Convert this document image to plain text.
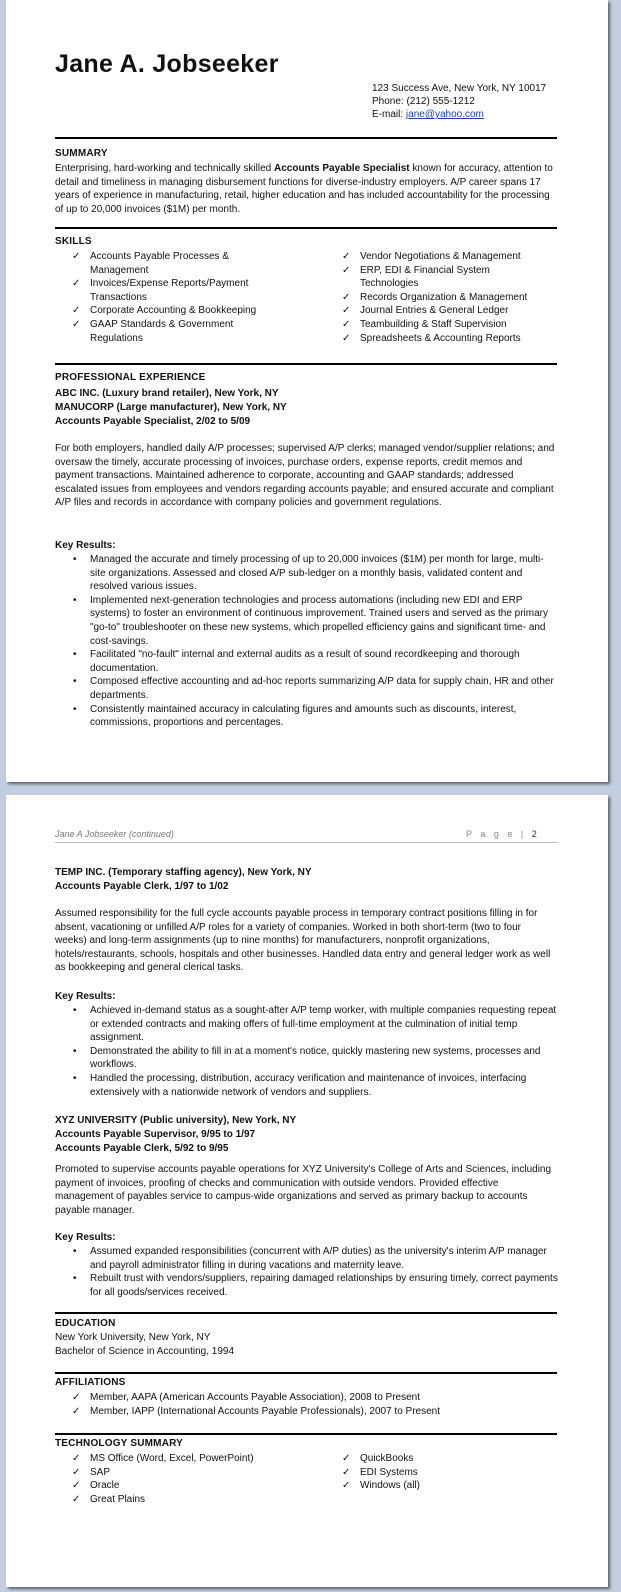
Jane A. Jobseeker
123 Success Ave, New York, NY 10017
Phone: (212) 555-1212
E-mail: jane@yahoo.com
SUMMARY
Enterprising, hard-working and technically skilled Accounts Payable Specialist known for accuracy, attention to detail and timeliness in managing disbursement functions for diverse-industry employers. A/P career spans 17 years of experience in manufacturing, retail, higher education and has included accountability for the processing of up to 20,000 invoices ($1M) per month.
SKILLS
✓ Accounts Payable Processes & Management
✓ Invoices/Expense Reports/Payment Transactions
✓ Corporate Accounting & Bookkeeping
✓ GAAP Standards & Government Regulations
✓ Vendor Negotiations & Management
✓ ERP, EDI & Financial System Technologies
✓ Records Organization & Management
✓ Journal Entries & General Ledger
✓ Teambuilding & Staff Supervision
✓ Spreadsheets & Accounting Reports
PROFESSIONAL EXPERIENCE
ABC INC. (Luxury brand retailer), New York, NY
MANUCORP (Large manufacturer), New York, NY
Accounts Payable Specialist, 2/02 to 5/09
For both employers, handled daily A/P processes; supervised A/P clerks; managed vendor/supplier relations; and oversaw the timely, accurate processing of invoices, purchase orders, expense reports, credit memos and payment transactions. Maintained adherence to corporate, accounting and GAAP standards; addressed escalated issues from employees and vendors regarding accounts payable; and ensured accurate and compliant A/P files and records in accordance with company policies and government regulations.
Key Results:
• Managed the accurate and timely processing of up to 20,000 invoices ($1M) per month for large, multi-site organizations. Assessed and closed A/P sub-ledger on a monthly basis, validated content and resolved various issues.
• Implemented next-generation technologies and process automations (including new EDI and ERP systems) to foster an environment of continuous improvement. Trained users and served as the primary "go-to" troubleshooter on these new systems, which propelled efficiency gains and significant time- and cost-savings.
• Facilitated "no-fault" internal and external audits as a result of sound recordkeeping and thorough documentation.
• Composed effective accounting and ad-hoc reports summarizing A/P data for supply chain, HR and other departments.
• Consistently maintained accuracy in calculating figures and amounts such as discounts, interest, commissions, proportions and percentages.
Jane A Jobseeker (continued)	P a g e | 2
TEMP INC. (Temporary staffing agency), New York, NY
Accounts Payable Clerk, 1/97 to 1/02
Assumed responsibility for the full cycle accounts payable process in temporary contract positions filling in for absent, vacationing or unfilled A/P roles for a variety of companies. Worked in both short-term (two to four weeks) and long-term assignments (up to nine months) for manufacturers, nonprofit organizations, hotels/restaurants, schools, hospitals and other businesses. Handled data entry and general ledger work as well as bookkeeping and general clerical tasks.
Key Results:
• Achieved in-demand status as a sought-after A/P temp worker, with multiple companies requesting repeat or extended contracts and making offers of full-time employment at the culmination of initial temp assignment.
• Demonstrated the ability to fill in at a moment's notice, quickly mastering new systems, processes and workflows.
• Handled the processing, distribution, accuracy verification and maintenance of invoices, interfacing extensively with a nationwide network of vendors and suppliers.
XYZ UNIVERSITY (Public university), New York, NY
Accounts Payable Supervisor, 9/95 to 1/97
Accounts Payable Clerk, 5/92 to 9/95
Promoted to supervise accounts payable operations for XYZ University's College of Arts and Sciences, including payment of invoices, proofing of checks and communication with outside vendors. Provided effective management of payables service to campus-wide organizations and served as primary backup to accounts payable manager.
Key Results:
• Assumed expanded responsibilities (concurrent with A/P duties) as the university's interim A/P manager and payroll administrator filling in during vacations and maternity leave.
• Rebuilt trust with vendors/suppliers, repairing damaged relationships by ensuring timely, correct payments for all goods/services received.
EDUCATION
New York University, New York, NY
Bachelor of Science in Accounting, 1994
AFFILIATIONS
✓ Member, AAPA (American Accounts Payable Association), 2008 to Present
✓ Member, IAPP (International Accounts Payable Professionals), 2007 to Present
TECHNOLOGY SUMMARY
✓ MS Office (Word, Excel, PowerPoint)
✓ SAP
✓ Oracle
✓ Great Plains
✓ QuickBooks
✓ EDI Systems
✓ Windows (all)
